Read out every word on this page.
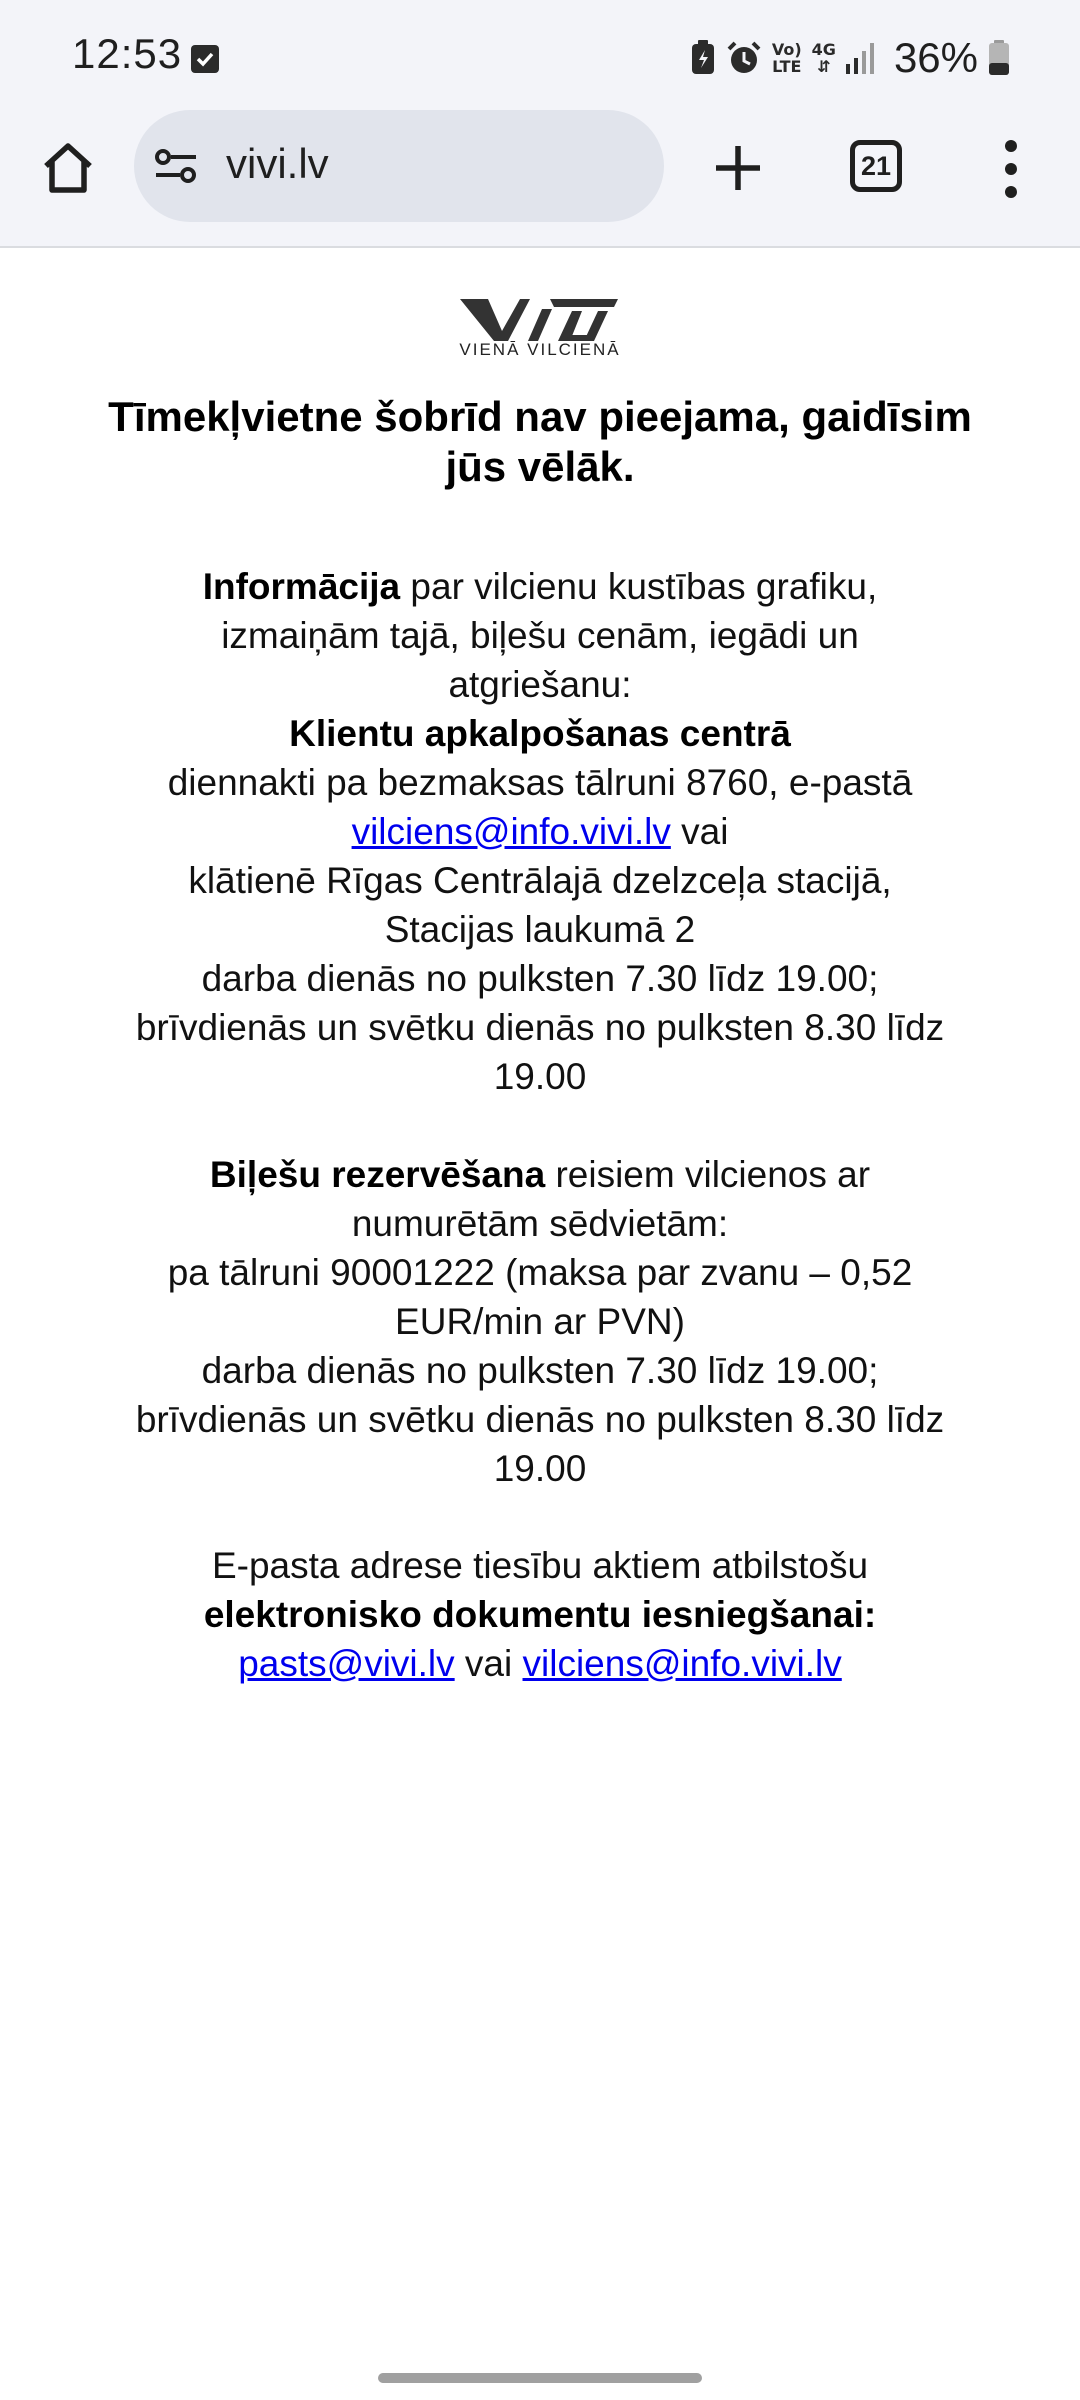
12:53	Vo)
LTE
4G
⇵ 36%
vivi.lv	21
VIENĀ VILCIENĀ
Tīmekļvietne šobrīd nav pieejama, gaidīsim jūs vēlāk.
Informācija par vilcienu kustības grafiku,
izmaiņām tajā, biļešu cenām, iegādi un
atgriešanu:
Klientu apkalpošanas centrā
diennakti pa bezmaksas tālruni 8760, e-pastā
vilciens@info.vivi.lv vai
klātienē Rīgas Centrālajā dzelzceļa stacijā,
Stacijas laukumā 2
darba dienās no pulksten 7.30 līdz 19.00;
brīvdienās un svētku dienās no pulksten 8.30 līdz
19.00
Biļešu rezervēšana reisiem vilcienos ar
numurētām sēdvietām:
pa tālruni 90001222 (maksa par zvanu – 0,52
EUR/min ar PVN)
darba dienās no pulksten 7.30 līdz 19.00;
brīvdienās un svētku dienās no pulksten 8.30 līdz
19.00
E-pasta adrese tiesību aktiem atbilstošu
elektronisko dokumentu iesniegšanai:
pasts@vivi.lv vai vilciens@info.vivi.lv
